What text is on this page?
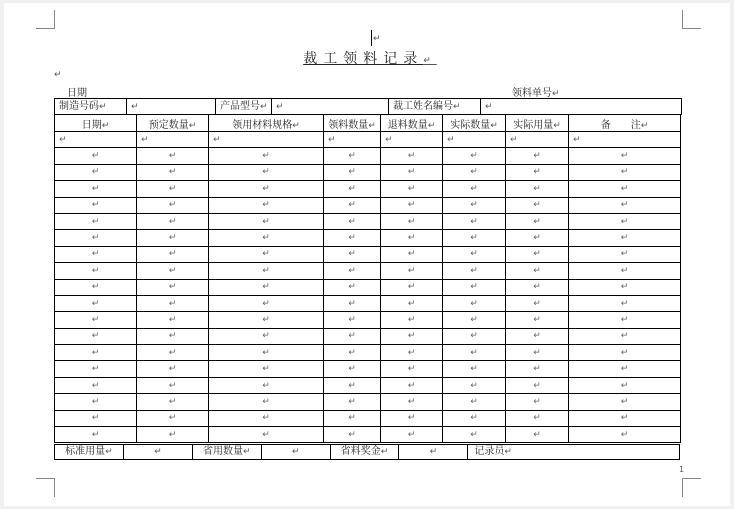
↵
裁工领料记录↵
↵
日期	领料单号↵
制造号码↵	↵	产品型号↵ ↵	裁工姓名编号↵	↵
日期↵	预定数量↵	领用材料规格↵	领料数量↵	退料数量↵	实际数量↵	实际用量↵	备　　注↵
↵	↵	↵	↵	↵	↵	↵	↵
↵	↵	↵	↵	↵	↵	↵	↵
↵	↵	↵	↵	↵	↵	↵	↵
↵	↵	↵	↵	↵	↵	↵	↵
↵	↵	↵	↵	↵	↵	↵	↵
↵	↵	↵	↵	↵	↵	↵	↵
↵	↵	↵	↵	↵	↵	↵	↵
↵	↵	↵	↵	↵	↵	↵	↵
↵	↵	↵	↵	↵	↵	↵	↵
↵	↵	↵	↵	↵	↵	↵	↵
↵	↵	↵	↵	↵	↵	↵	↵
↵	↵	↵	↵	↵	↵	↵	↵
↵	↵	↵	↵	↵	↵	↵	↵
↵	↵	↵	↵	↵	↵	↵	↵
↵	↵	↵	↵	↵	↵	↵	↵
↵	↵	↵	↵	↵	↵	↵	↵
↵	↵	↵	↵	↵	↵	↵	↵
↵	↵	↵	↵	↵	↵	↵	↵
↵	↵	↵	↵	↵	↵	↵	↵
标准用量↵	↵	省用数量↵	↵	省料奖金↵	↵	记录员↵
1
